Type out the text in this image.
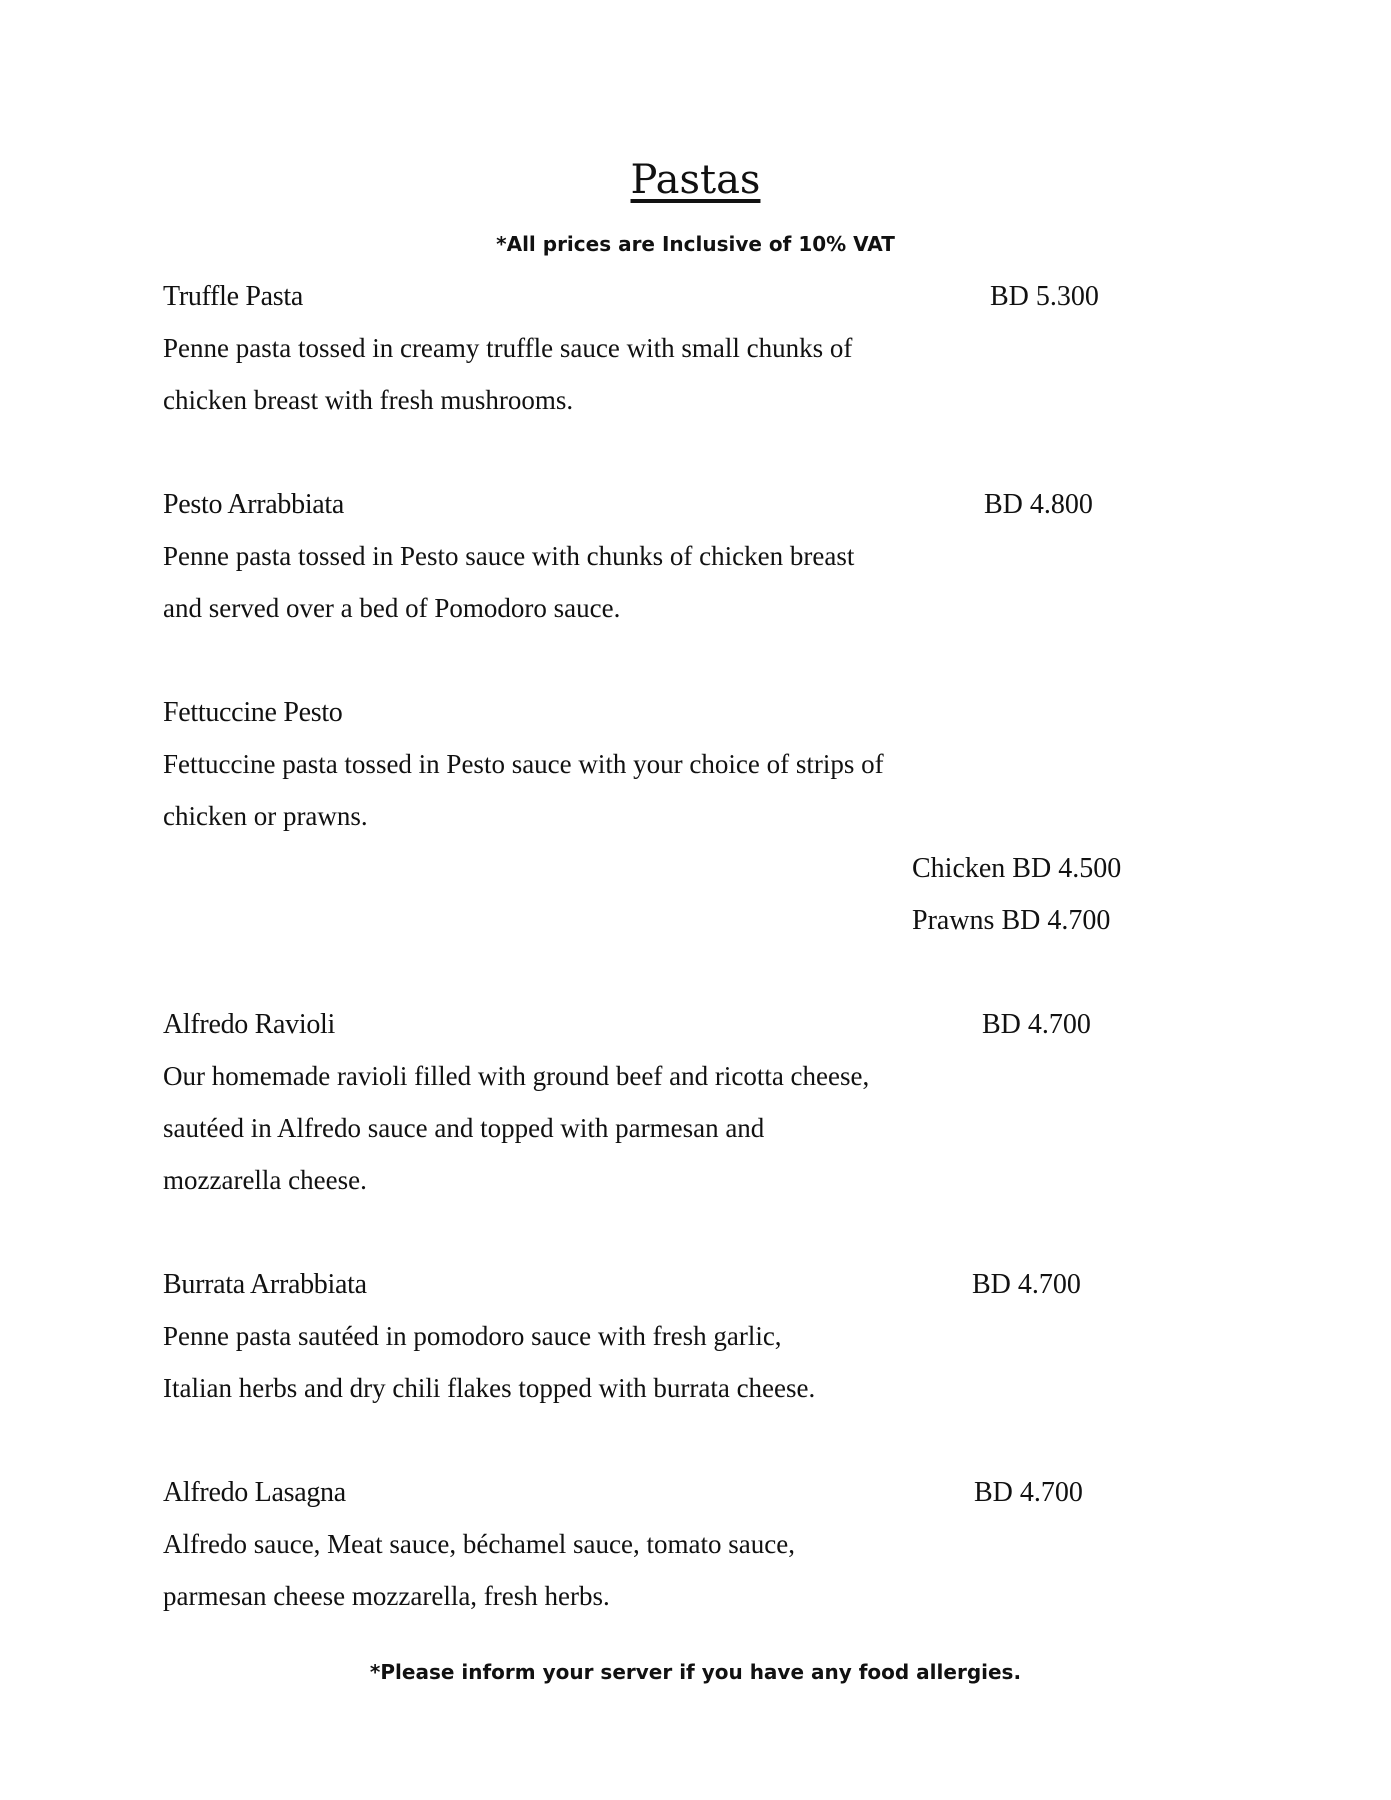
Pastas
*All prices are Inclusive of 10% VAT
Truffle Pasta	BD 5.300
Penne pasta tossed in creamy truffle sauce with small chunks of
chicken breast with fresh mushrooms.
Pesto Arrabbiata	BD 4.800
Penne pasta tossed in Pesto sauce with chunks of chicken breast
and served over a bed of Pomodoro sauce.
Fettuccine Pesto
Fettuccine pasta tossed in Pesto sauce with your choice of strips of
chicken or prawns.
Chicken BD 4.500
Prawns BD 4.700
Alfredo Ravioli	BD 4.700
Our homemade ravioli filled with ground beef and ricotta cheese,
sautéed in Alfredo sauce and topped with parmesan and
mozzarella cheese.
Burrata Arrabbiata	BD 4.700
Penne pasta sautéed in pomodoro sauce with fresh garlic,
Italian herbs and dry chili flakes topped with burrata cheese.
Alfredo Lasagna	BD 4.700
Alfredo sauce, Meat sauce, béchamel sauce, tomato sauce,
parmesan cheese mozzarella, fresh herbs.
*Please inform your server if you have any food allergies.
